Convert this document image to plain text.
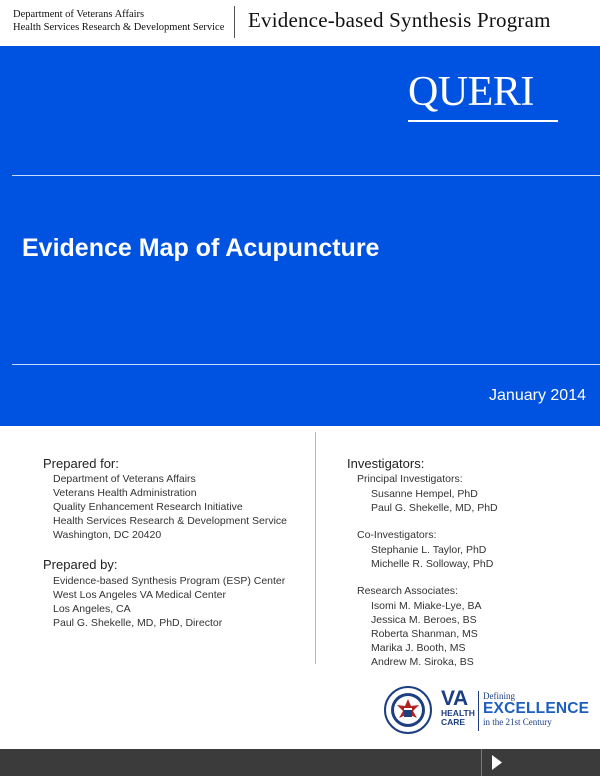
Department of Veterans Affairs
Health Services Research & Development Service Evidence-based Synthesis Program
QUERI
Evidence Map of Acupuncture
January 2014
Prepared for:
Department of Veterans Affairs
Veterans Health Administration
Quality Enhancement Research Initiative
Health Services Research & Development Service
Washington, DC 20420
Prepared by:
Evidence-based Synthesis Program (ESP) Center
West Los Angeles VA Medical Center
Los Angeles, CA
Paul G. Shekelle, MD, PhD, Director
Investigators:
Principal Investigators:
Susanne Hempel, PhD
Paul G. Shekelle, MD, PhD
Co-Investigators:
Stephanie L. Taylor, PhD
Michelle R. Solloway, PhD
Research Associates:
Isomi M. Miake-Lye, BA
Jessica M. Beroes, BS
Roberta Shanman, MS
Marika J. Booth, MS
Andrew M. Siroka, BS
VA
HEALTH
CARE
Defining
EXCELLENCE
in the 21st Century
